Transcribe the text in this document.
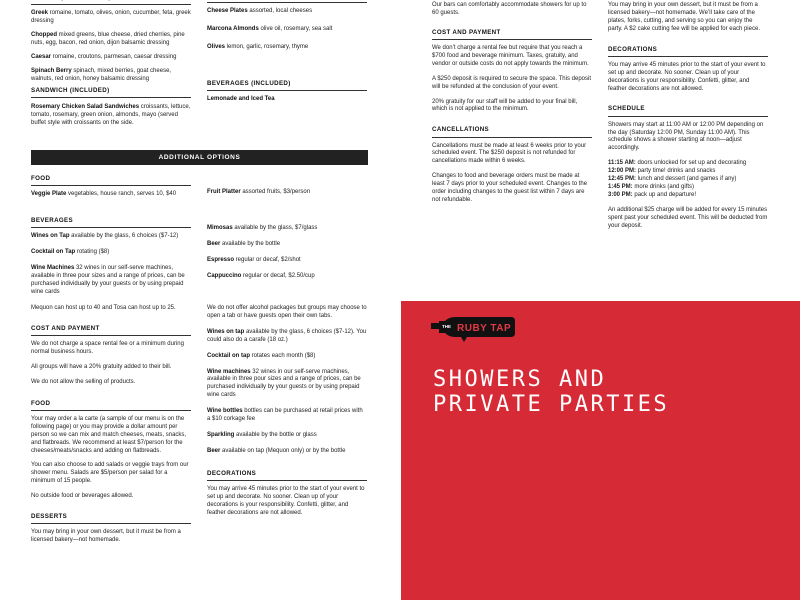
Greek romaine, tomato, olives, onion, cucumber, feta, greek dressing
Chopped mixed greens, blue cheese, dried cherries, pine nuts, egg, bacon, red onion, dijon balsamic dressing
Caesar romaine, croutons, parmesan, caesar dressing
Spinach Berry spinach, mixed berries, goat cheese, walnuts, red onion, honey balsamic dressing
SANDWICH (INCLUDED)
Rosemary Chicken Salad Sandwiches croissants, lettuce, tomato, rosemary, green onion, almonds, mayo (served buffet style with croissants on the side.
Cheese Plates assorted, local cheeses
Marcona Almonds olive oil, rosemary, sea salt
Olives lemon, garlic, rosemary, thyme
BEVERAGES (INCLUDED)
Lemonade and Iced Tea
ADDITIONAL OPTIONS
FOOD
Veggie Plate vegetables, house ranch, serves 10, $40
BEVERAGES
Wines on Tap available by the glass, 6 choices ($7-12)
Cocktail on Tap rotating ($8)
Wine Machines 32 wines in our self-serve machines, available in three pour sizes and a range of prices, can be purchased individually by your guests or by using prepaid wine cards
Fruit Platter assorted fruits, $3/person
Mimosas available by the glass, $7/glass
Beer available by the bottle
Espresso regular or decaf, $2/shot
Cappuccino regular or decaf, $2.50/cup
Mequon can host up to 40 and Tosa can host up to 25.
COST AND PAYMENT
We do not charge a space rental fee or a minimum during normal business hours.
All groups will have a 20% gratuity added to their bill.
We do not allow the selling of products.
FOOD
Your may order a la carte (a sample of our menu is on the following page) or you may provide a dollar amount per person so we can mix and match cheeses, meats, snacks, and flatbreads. We recommend at least $7/person for the cheeses/meats/snacks and adding on flatbreads.
You can also choose to add salads or veggie trays from our shower menu. Salads are $5/person per salad for a minimum of 15 people.
No outside food or beverages allowed.
DESSERTS
You may bring in your own dessert, but it must be from a licensed bakery—not homemade.
We do not offer alcohol packages but groups may choose to open a tab or have guests open their own tabs.
Wines on tap available by the glass, 6 choices ($7-12). You could also do a carafe (18 oz.)
Cocktail on tap rotates each month ($8)
Wine machines 32 wines in our self-serve machines, available in three pour sizes and a range of prices, can be purchased individually by your guests or by using prepaid wine cards
Wine bottles bottles can be purchased at retail prices with a $10 corkage fee
Sparkling available by the bottle or glass
Beer available on tap (Mequon only) or by the bottle
DECORATIONS
You may arrive 45 minutes prior to the start of your event to set up and decorate. No sooner. Clean up of your decorations is your responsibility. Confetti, glitter, and feather decorations are not allowed.
Our bars can comfortably accommodate showers for up to 60 guests.
COST AND PAYMENT
We don’t charge a rental fee but require that you reach a $700 food and beverage minimum. Taxes, gratuity, and vendor or outside costs do not apply towards the minimum.
A $250 deposit is required to secure the space. This deposit will be refunded at the conclusion of your event.
20% gratuity for our staff will be added to your final bill, which is not applied to the minimum.
CANCELLATIONS
Cancellations must be made at least 6 weeks prior to your scheduled event. The $250 deposit is not refunded for cancellations made within 6 weeks.
Changes to food and beverage orders must be made at least 7 days prior to your scheduled event. Changes to the order including changes to the guest list within 7 days are not refundable.
You may bring in your own dessert, but it must be from a licensed bakery—not homemade. We’ll take care of the plates, forks, cutting, and serving so you can enjoy the party. A $2 cake cutting fee will be applied for each piece.
DECORATIONS
You may arrive 45 minutes prior to the start of your event to set up and decorate. No sooner. Clean up of your decorations is your responsibility. Confetti, glitter, and feather decorations are not allowed.
SCHEDULE
Showers may start at 11:00 AM or 12:00 PM depending on the day (Saturday 12:00 PM, Sunday 11:00 AM). This schedule shows a shower starting at noon—adjust accordingly.
11:15 AM: doors unlocked for set up and decorating
12:00 PM: party time! drinks and snacks
12:45 PM: lunch and dessert (and games if any)
1:45 PM: more drinks (and gifts)
3:00 PM: pack up and departure!
An additional $25 charge will be added for every 15 minutes spent past your scheduled event. This will be deducted from your deposit.
THE RUBY TAP
SHOWERS AND
PRIVATE PARTIES
